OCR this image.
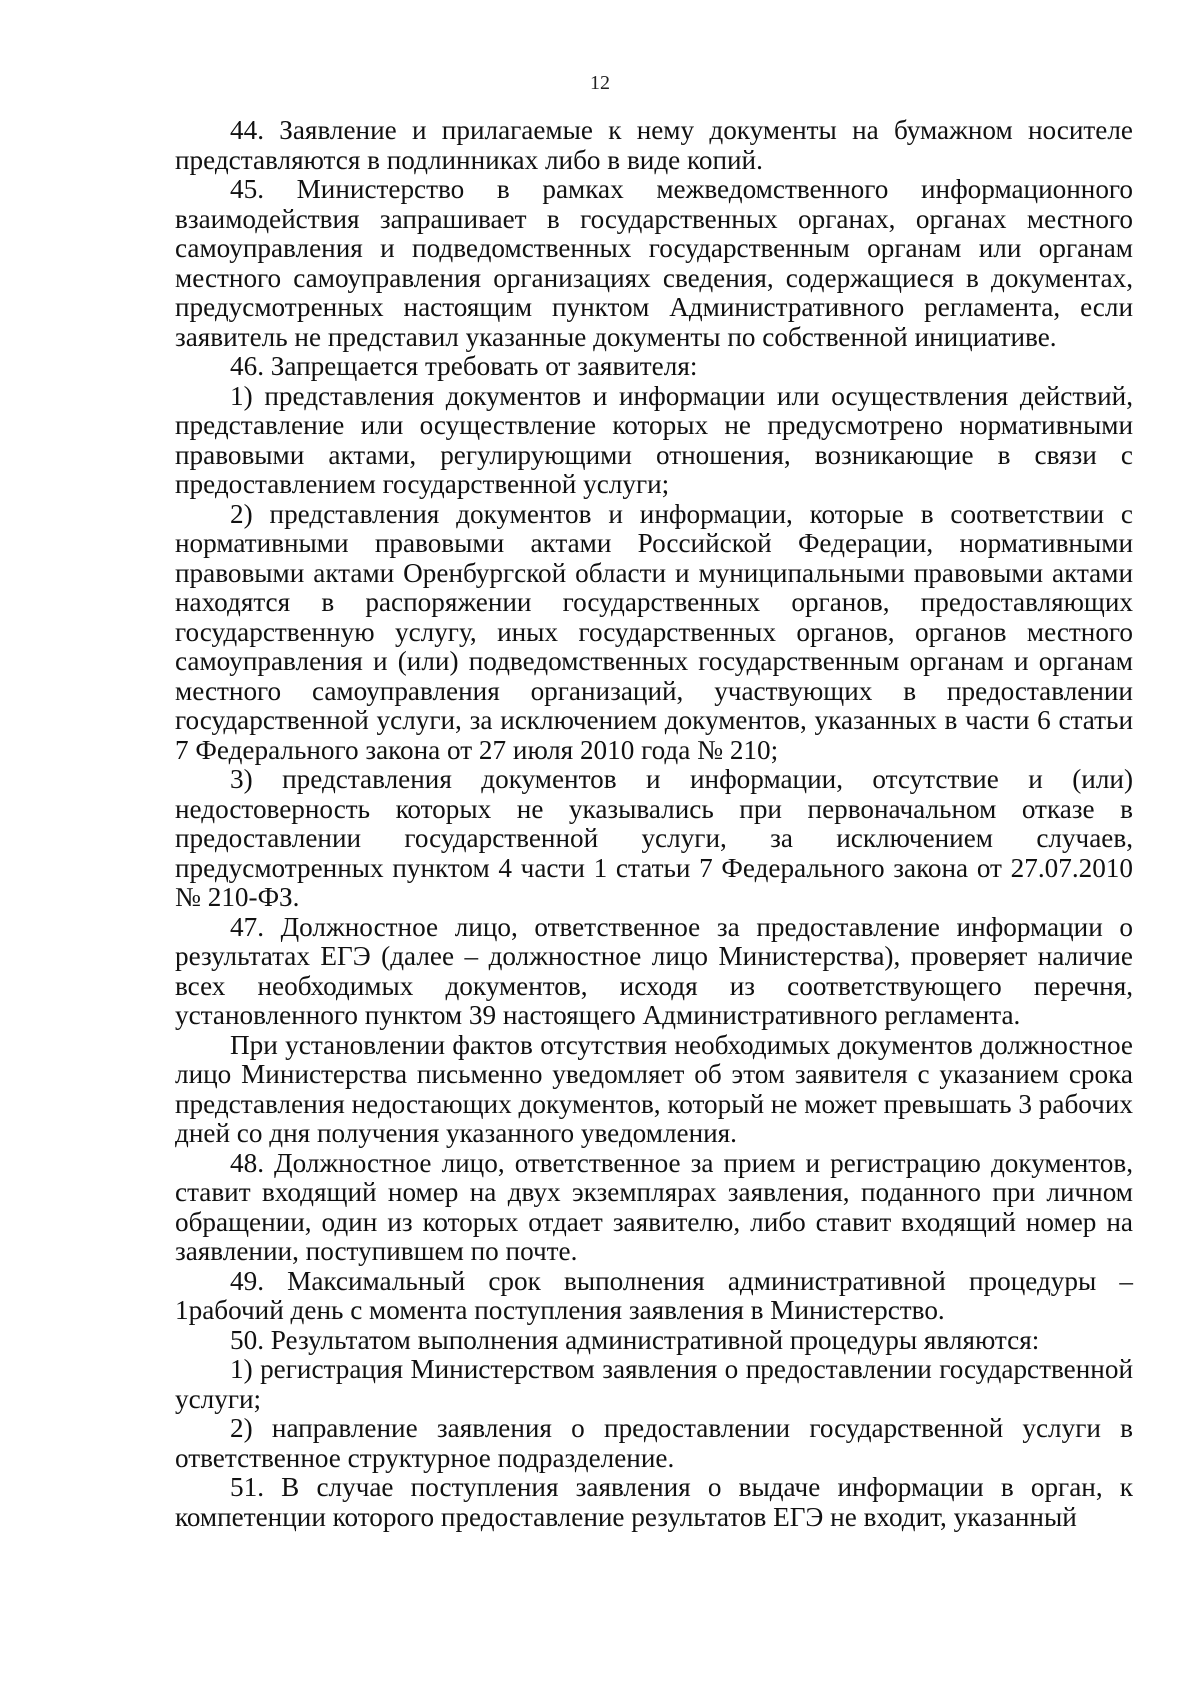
12

44. Заявление и прилагаемые к нему документы на бумажном носителе представляются в подлинниках либо в виде копий.

45. Министерство в рамках межведомственного информационного взаимодействия запрашивает в государственных органах, органах местного самоуправления и подведомственных государственным органам или органам местного самоуправления организациях сведения, содержащиеся в документах, предусмотренных настоящим пунктом Административного регламента, если заявитель не представил указанные документы по собственной инициативе.

46. Запрещается требовать от заявителя:

1) представления документов и информации или осуществления действий, представление или осуществление которых не предусмотрено нормативными правовыми актами, регулирующими отношения, возникающие в связи с предоставлением государственной услуги;

2) представления документов и информации, которые в соответствии с нормативными правовыми актами Российской Федерации, нормативными правовыми актами Оренбургской области и муниципальными правовыми актами находятся в распоряжении государственных органов, предоставляющих государственную услугу, иных государственных органов, органов местного самоуправления и (или) подведомственных государственным органам и органам местного самоуправления организаций, участвующих в предоставлении государственной услуги, за исключением документов, указанных в части 6 статьи 7 Федерального закона от 27 июля 2010 года № 210;

3) представления документов и информации, отсутствие и (или) недостоверность которых не указывались при первоначальном отказе в предоставлении государственной услуги, за исключением случаев, предусмотренных пунктом 4 части 1 статьи 7 Федерального закона от 27.07.2010 № 210-ФЗ.

47. Должностное лицо, ответственное за предоставление информации о результатах ЕГЭ (далее – должностное лицо Министерства), проверяет наличие всех необходимых документов, исходя из соответствующего перечня, установленного пунктом 39 настоящего Административного регламента.

При установлении фактов отсутствия необходимых документов должностное лицо Министерства письменно уведомляет об этом заявителя с указанием срока представления недостающих документов, который не может превышать 3 рабочих дней со дня получения указанного уведомления.

48. Должностное лицо, ответственное за прием и регистрацию документов, ставит входящий номер на двух экземплярах заявления, поданного при личном обращении, один из которых отдает заявителю, либо ставит входящий номер на заявлении, поступившем по почте.

49. Максимальный срок выполнения административной процедуры – 1рабочий день с момента поступления заявления в Министерство.

50. Результатом выполнения административной процедуры являются:

1) регистрация Министерством заявления о предоставлении государственной услуги;

2) направление заявления о предоставлении государственной услуги в ответственное структурное подразделение.

51. В случае поступления заявления о выдаче информации в орган, к компетенции которого предоставление результатов ЕГЭ не входит, указанный
